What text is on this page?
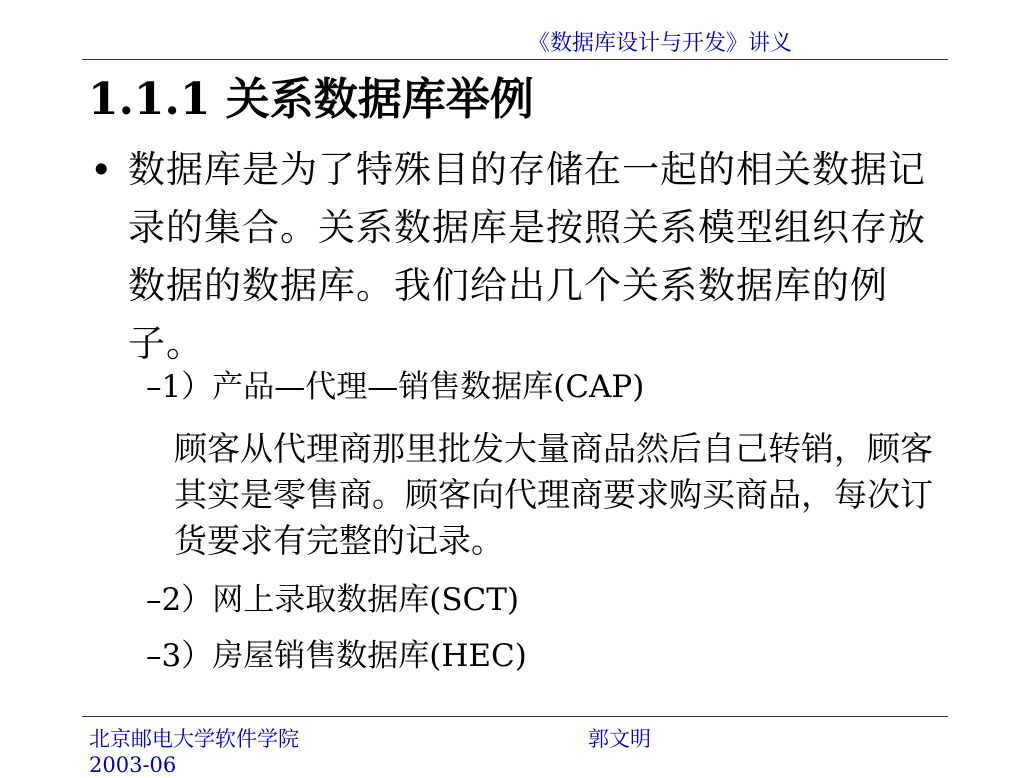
《数据库设计与开发》讲义
1.1.1 关系数据库举例
• 数据库是为了特殊目的存储在一起的相关数据记录的集合。关系数据库是按照关系模型组织存放数据的数据库。我们给出几个关系数据库的例子。
–1）产品—代理—销售数据库(CAP)
顾客从代理商那里批发大量商品然后自己转销，顾客其实是零售商。顾客向代理商要求购买商品，每次订货要求有完整的记录。
–2）网上录取数据库(SCT)
–3）房屋销售数据库(HEC)
北京邮电大学软件学院
2003-06
郭文明
